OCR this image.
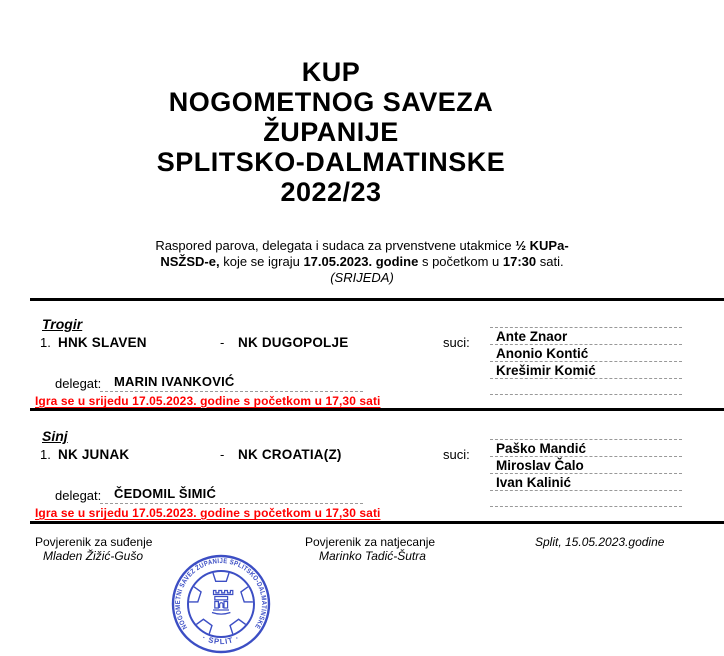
KUP
NOGOMETNOG SAVEZA
ŽUPANIJE
SPLITSKO-DALMATINSKE
2022/23
Raspored parova, delegata i sudaca za prvenstvene utakmice ½ KUPa-
NSŽSD-e, koje se igraju 17.05.2023. godine s početkom u 17:30 sati.
(SRIJEDA)
Trogir
1. HNK SLAVEN	- NK DUGOPOLJE	suci:	Ante Znaor
Anonio Kontić
Krešimir Komić
delegat: MARIN IVANKOVIĆ
Igra se u srijedu 17.05.2023. godine s početkom u 17,30 sati
Sinj
1. NK JUNAK	- NK CROATIA(Z)	suci:	Paško Mandić
Miroslav Čalo
Ivan Kalinić
delegat: ČEDOMIL ŠIMIĆ
Igra se u srijedu 17.05.2023. godine s početkom u 17,30 sati
Povjerenik za suđenje
Mladen Žižić-Gušo
Povjerenik za natjecanje
Marinko Tadić-Šutra
Split, 15.05.2023.godine
NOGOMETNI SAVEZ ŽUPANIJE SPLITSKO-DALMATINSKE
· SPLIT ·
